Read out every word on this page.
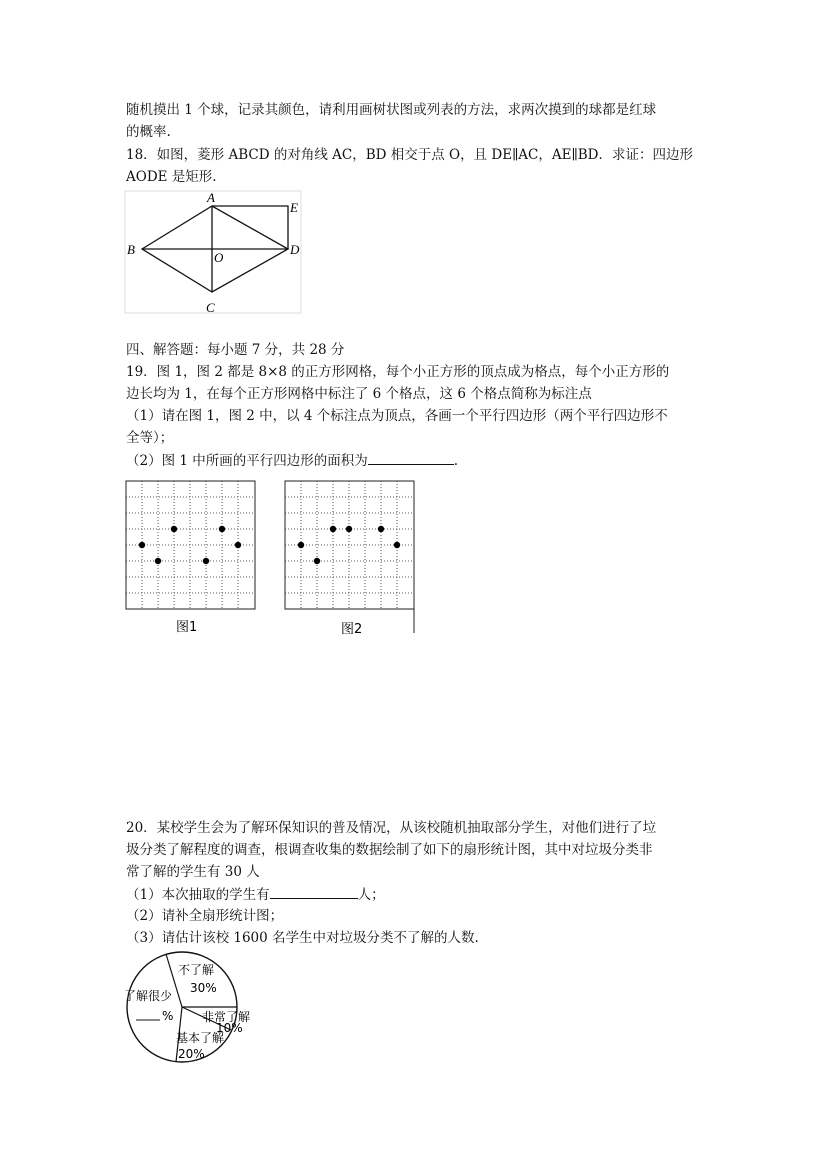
随机摸出 1 个球，记录其颜色，请利用画树状图或列表的方法，求两次摸到的球都是红球
的概率.
18．如图，菱形 ABCD 的对角线 AC，BD 相交于点 O，且 DE∥AC，AE∥BD．求证：四边形
AODE 是矩形.
A
B
C
D
E
O
四、解答题：每小题 7 分，共 28 分
19．图 1，图 2 都是 8×8 的正方形网格，每个小正方形的顶点成为格点，每个小正方形的
边长均为 1，在每个正方形网格中标注了 6 个格点，这 6 个格点简称为标注点
（1）请在图 1，图 2 中，以 4 个标注点为顶点，各画一个平行四边形（两个平行四边形不
全等）；
（2）图 1 中所画的平行四边形的面积为	.
图1	图2
20．某校学生会为了解环保知识的普及情况，从该校随机抽取部分学生，对他们进行了垃
圾分类了解程度的调查，根调查收集的数据绘制了如下的扇形统计图，其中对垃圾分类非
常了解的学生有 30 人
（1）本次抽取的学生有	人；
（2）请补全扇形统计图；
（3）请估计该校 1600 名学生中对垃圾分类不了解的人数.
不了解
30%
非常了解
10%
基本了解
20%
了解很少
%
